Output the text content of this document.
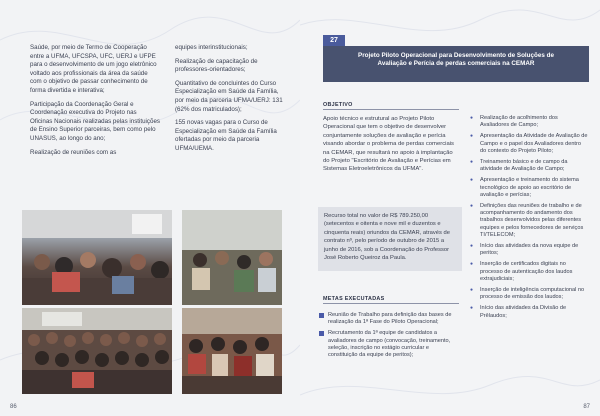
Saúde, por meio de Termo de Cooperação entre a UFMA, UFCSPA, UFC, UERJ e UFPE para o desenvolvimento de um jogo eletrônico voltado aos profissionais da área da saúde com o objetivo de passar conhecimento de forma divertida e interativa;

Participação da Coordenação Geral e Coordenação executiva do Projeto nas Oficinas Nacionais realizadas pelas instituições de Ensino Superior parceiras, bem como pelo UNASUS, ao longo do ano;

Realização de reuniões com as

equipes interinstitucionais;

Realização de capacitação de professores-orientadores;

Quantitativo de concluintes do Curso Especialização em Saúde da Família, por meio da parceria UFMA/UERJ: 131 (62% dos matriculados);

155 novas vagas para o Curso de Especialização em Saúde da Família ofertadas por meio da parceria UFMA/UEMA.

86
27
Projeto Piloto Operacional para Desenvolvimento de Soluções de Avaliação e Perícia de perdas comerciais na CEMAR
OBJETIVO
Apoio técnico e estrutural ao Projeto Piloto Operacional que tem o objetivo de desenvolver conjuntamente soluções de avaliação e perícia visando abordar o problema de perdas comerciais na CEMAR, que resultará no apoio à implantação do Projeto "Escritório de Avaliação e Perícias em Sistemas Eletroeletrônicos da UFMA".
Recurso total no valor de R$ 789.250,00 (setecentos e oitenta e nove mil e duzentos e cinquenta reais) oriundos da CEMAR, através de contrato nº, pelo período de outubro de 2015 a junho de 2016, sob a Coordenação do Professor José Roberto Queiroz da Paula.
METAS EXECUTADAS
Reunião de Trabalho para definição das bases de realização da 1ª Fase do Piloto Operacional;
Recrutamento da 1ª equipe de candidatos a avaliadores de campo (convocação, treinamento, seleção, inscrição no estágio curricular e constituição da equipe de peritos);
● Realização de acolhimento dos Avaliadores de Campo;
● Apresentação da Atividade de Avaliação de Campo e o papel dos Avaliadores dentro do contexto do Projeto Piloto;
● Treinamento básico e de campo da atividade de Avaliação de Campo;
● Apresentação e treinamento do sistema tecnológico de apoio ao escritório de avaliação e perícias;
● Definições das reuniões de trabalho e de acompanhamento do andamento dos trabalhos desenvolvidos pelas diferentes equipes e pelos fornecedores de serviços TI/TELECOM;
● Início das atividades da nova equipe de peritos;
● Inserção de certificados digitais no processo de autenticação dos laudos extrajudiciais;
● Inserção de inteligência computacional no processo de emissão dos laudos;
● Início das atividades da Divisão de Prêlaudos;
87
